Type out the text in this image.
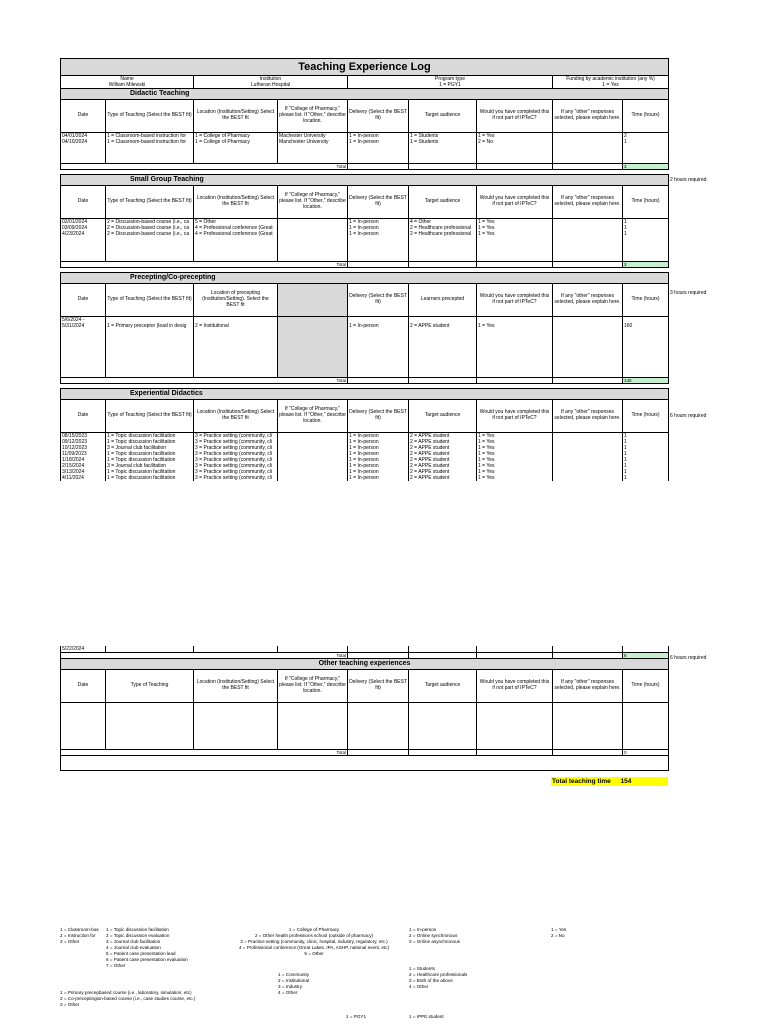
Teaching Experience Log								
Name		Institution		Program type			Funding by academic institution (any %)	
William Milewski		Lutheran Hospital		1 = PGY1			1 = Yes	
Didactic Teaching								
Date	Type of Teaching (Select the BEST fit)	Location (Institution/Setting) Select the BEST fit	If "College of Pharmacy," please list. If "Other," describe location.	Delivery (Select the BEST fit)	Target audience	Would you have completed this if not part of IPTeC?	If any "other" responses selected, please explain here.	Time (hours)
04/01/2024	1 = Classroom-based instruction for	1 = College of Pharmacy	Machester University	1 = In-person	1 = Students	1 = Yes		2
04/10/2024	1 = Classroom-based instruction for	1 = College of Pharmacy	Manchester University	1 = In-person	1 = Students	2 = No		1

Total								3

Small Group Teaching								
Date	Type of Teaching (Select the BEST fit)	Location (Institution/Setting) Select the BEST fit	If "College of Pharmacy," please list. If "Other," describe location.	Delivery (Select the BEST fit)	Target audience	Would you have completed this if not part of IPTeC?	If any "other" responses selected, please explain here.	Time (hours)
02/01/2024	2 = Discussion-based course (i.e., ca	5 = Other		1 = In-person	4 = Other	1 = Yes		1
03/09/2024	2 = Discussion-based course (i.e., ca	4 = Professional conference (Great		1 = In-person	2 = Healthcare professional	1 = Yes		1
4/23/2024	2 = Discussion-based course (i.e., ca	4 = Professional conference (Great		1 = In-person	2 = Healthcare professional	1 = Yes		1

Total								3

Precepting/Co-precepting								
Date	Type of Teaching (Select the BEST fit)	Location of precepting (Institution/Setting). Select the BEST fit		Delivery (Select the BEST fit)	Learners precepted	Would you have completed this if not part of IPTeC?	If any "other" responses selected, please explain here.	Time (hours)
5/6/2024 -								
5/31/2024	1 = Primary preceptor (lead in desig	2 = Institutional		1 = In-person	2 = APPE student	1 = Yes		160

Total								140

Experiential Didactics								
Date	Type of Teaching (Select the BEST fit)	Location (Institution/Setting) Select the BEST fit	If "College of Pharmacy," please list. If "Other," describe location.	Delivery (Select the BEST fit)	Target audience	Would you have completed this if not part of IPTeC?	If any "other" responses selected, please explain here.	Time (hours)
08/15/2023	1 = Topic discussion facilitation	3 = Practice setting (community, cli		1 = In-person	2 = APPE student	1 = Yes		1
09/12/2023	1 = Topic discussion facilitation	3 = Practice setting (community, cli		1 = In-person	2 = APPE student	1 = Yes		1
10/12/2023	3 = Journal club facilitation	3 = Practice setting (community, cli		1 = In-person	2 = APPE student	1 = Yes		1
11/09/2023	1 = Topic discussion facilitation	3 = Practice setting (community, cli		1 = In-person	2 = APPE student	1 = Yes		1
1/18/2024	1 = Topic discussion facilitation	3 = Practice setting (community, cli		1 = In-person	2 = APPE student	1 = Yes		1
2/15/2024	3 = Journal club facilitation	3 = Practice setting (community, cli		1 = In-person	2 = APPE student	1 = Yes		1
3/13/2024	1 = Topic discussion facilitation	3 = Practice setting (community, cli		1 = In-person	2 = APPE student	1 = Yes		1
4/11/2024	1 = Topic discussion facilitation	3 = Practice setting (community, cli		1 = In-person	2 = APPE student	1 = Yes		1
5/22/2024								
Total								8
Other teaching experiences								
Date	Type of Teaching	Location (Institution/Setting) Select the BEST fit	If "College of Pharmacy," please list. If "Other," describe location.	Delivery (Select the BEST fit)	Target audience	Would you have completed this if not part of IPTeC?	If any "other" responses selected, please explain here.	Time (hours)

Total								0

Total teaching time 154
2 hours required
3 hours required
6 hours required
6 hours required
1 = Classroom-bas
2 = Instruction for
3 = Other
1 = Topic discussion facilitation
2 = Topic discussion evaluation
3 = Journal club facilitation
4 = Journal club evaluation
5 = Patient case presentation lead
6 = Patient case presentation evaluation
7 = Other
1 = College of Pharmacy
2 = Other health professions school (outside of pharmacy)
3 = Practice setting (community, clinic, hospital, industry, regulatory, etc.)
4 = Professional conference (Great Lakes, IPA, ASHP, national event, etc)
5 = Other
1 = In-person
2 = Online synchronous
3 = Online asynchronous
1 = Yes
2 = No
1 = Students
2 = Healthcare professionals
3 = Both of the above
4 = Other
1 = Community
2 = Institutional
3 = Industry
4 = Other
1 = Primary precepbased course (i.e., laboratory, simulation, etc)
2 = Co-preceptingion-based course (i.e., case studies course, etc.)
3 = Other
1 = PGY1	1 = IPPE student
